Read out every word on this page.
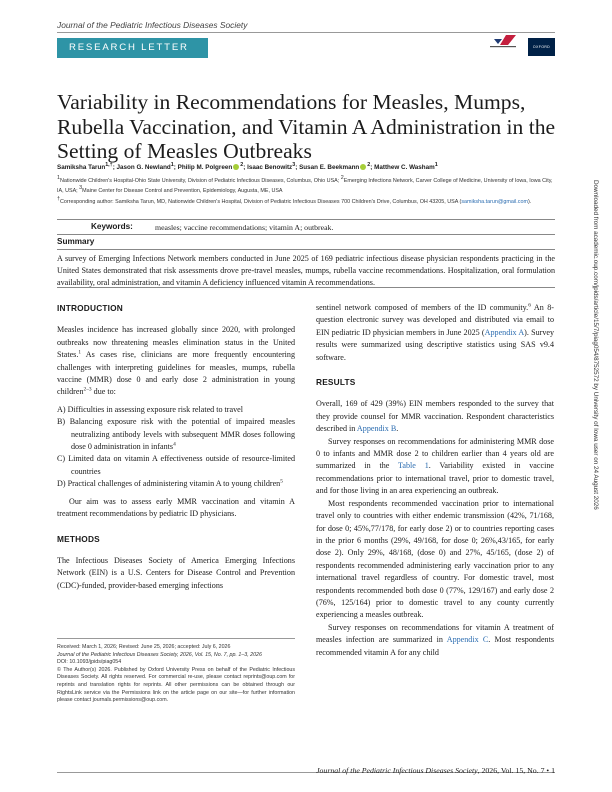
Journal of the Pediatric Infectious Diseases Society
RESEARCH LETTER	OXFORD
Variability in Recommendations for Measles, Mumps, Rubella Vaccination, and Vitamin A Administration in the Setting of Measles Outbreaks
Samiksha Tarun$^{1,\dagger}$; Jason G. Newland$^1$; Philip M. Polgreen $^2$; Isaac Benowitz$^3$; Susan E. Beekmann $^2$; Matthew C. Washam$^1$
$^1$Nationwide Children's Hospital-Ohio State University, Division of Pediatric Infectious Diseases, Columbus, Ohio USA; $^2$Emerging Infections Network, Carver College of Medicine, University of Iowa, Iowa City, IA, USA; $^3$Maine Center for Disease Control and Prevention, Epidemiology, Augusta, ME, USA
†Corresponding author: Samiksha Tarun, MD, Nationwide Children's Hospital, Division of Pediatric Infectious Diseases 700 Children's Drive, Columbus, OH 43205, USA (samiksha.tarun@gmail.com).
Keywords:	measles; vaccine recommendations; vitamin A; outbreak.
Summary
A survey of Emerging Infections Network members conducted in June 2025 of 169 pediatric infectious disease physician respondents practicing in the United States demonstrated that risk assessments drove pre-travel measles, mumps, rubella vaccine recommendations. Hospitalization, oral formulation availability, oral administration, and vitamin A deficiency influenced vitamin A recommendations.

INTRODUCTION

Measles incidence has increased globally since 2020, with prolonged outbreaks now threatening measles elimination status in the United States.$^1$ As cases rise, clinicians are more frequently encountering challenges with interpreting guidelines for measles, mumps, rubella vaccine (MMR) dose 0 and early dose 2 administration in young children$^{2-3}$ due to:

A) Difficulties in assessing exposure risk related to travel

B) Balancing exposure risk with the potential of impaired measles neutralizing antibody levels with subsequent MMR doses following dose 0 administration in infants$^4$

C) Limited data on vitamin A effectiveness outside of resource-limited countries

D) Practical challenges of administering vitamin A to young children$^5$

Our aim was to assess early MMR vaccination and vitamin A treatment recommendations by pediatric ID physicians.

METHODS

The Infectious Diseases Society of America Emerging Infections Network (EIN) is a U.S. Centers for Disease Control and Prevention (CDC)-funded, provider-based emerging infections

Received: March 1, 2026; Revised: June 25, 2026; accepted: July 6, 2026

Journal of the Pediatric Infectious Diseases Society, 2026, Vol. 15, No. 7, pp. 1–3, 2026

DOI: 10.1093/jpids/piag054

© The Author(s) 2026. Published by Oxford University Press on behalf of the Pediatric Infectious Diseases Society. All rights reserved. For commercial re-use, please contact reprints@oup.com for reprints and translation rights for reprints. All other permissions can be obtained through our RightsLink service via the Permissions link on the article page on our site—for further information please contact journals.permissions@oup.com.

sentinel network composed of members of the ID community.$^6$ An 8-question electronic survey was developed and distributed via email to EIN pediatric ID physician members in June 2025 (Appendix A). Survey results were summarized using descriptive statistics using SAS v9.4 software.

RESULTS

Overall, 169 of 429 (39%) EIN members responded to the survey that they provide counsel for MMR vaccination. Respondent characteristics described in Appendix B.

Survey responses on recommendations for administering MMR dose 0 to infants and MMR dose 2 to children earlier than 4 years old are summarized in the Table 1. Variability existed in vaccine recommendations prior to international travel, prior to domestic travel, and for those living in an area experiencing an outbreak.

Most respondents recommended vaccination prior to international travel only to countries with either endemic transmission (42%, 71/168, for dose 0; 45%,77/178, for early dose 2) or to countries reporting cases in the prior 6 months (29%, 49/168, for dose 0; 26%,43/165, for early dose 2). Only 29%, 48/168, (dose 0) and 27%, 45/165, (dose 2) of respondents recommended administering early vaccination prior to any international travel regardless of country. For domestic travel, most respondents recommended both dose 0 (77%, 129/167) and early dose 2 (76%, 125/164) prior to domestic travel to any county currently experiencing a measles outbreak.

Survey responses on recommendations for vitamin A treatment of measles infection are summarized in Appendix C. Most respondents recommended vitamin A for any child

Journal of the Pediatric Infectious Diseases Society, 2026, Vol. 15, No. 7 • 1
Downloaded from academic.oup.com/jpids/article/15/7/piag054/8752572 by University of Iowa user on 24 August 2026
